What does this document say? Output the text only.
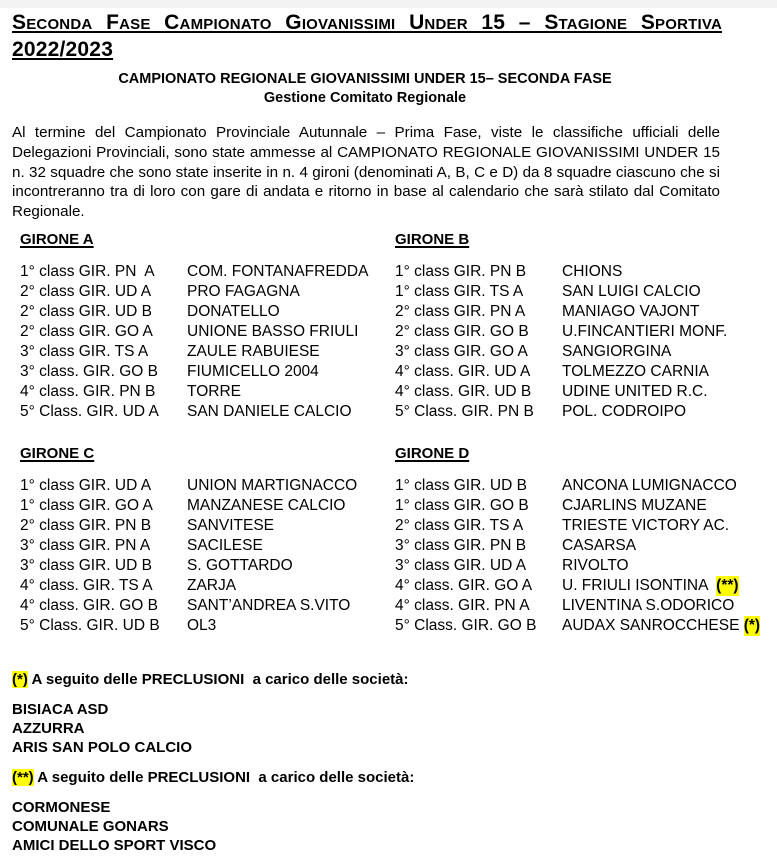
Seconda Fase Campionato Giovanissimi Under 15 – Stagione Sportiva 2022/2023
CAMPIONATO REGIONALE GIOVANISSIMI UNDER 15– SECONDA FASE
Gestione Comitato Regionale
Al termine del Campionato Provinciale Autunnale – Prima Fase, viste le classifiche ufficiali delle Delegazioni Provinciali, sono state ammesse al CAMPIONATO REGIONALE GIOVANISSIMI UNDER 15 n. 32 squadre che sono state inserite in n. 4 gironi (denominati A, B, C e D) da 8 squadre ciascuno che si incontreranno tra di loro con gare di andata e ritorno in base al calendario che sarà stilato dal Comitato Regionale.
GIRONE A
1° class GIR. PN  A	COM. FONTANAFREDDA
2° class GIR. UD A	PRO FAGAGNA
2° class GIR. UD B	DONATELLO
2° class GIR. GO A	UNIONE BASSO FRIULI
3° class GIR. TS A	ZAULE RABUIESE
3° class. GIR. GO B	FIUMICELLO 2004
4° class. GIR. PN B	TORRE
5° Class. GIR. UD A	SAN DANIELE CALCIO
GIRONE B
1° class GIR. PN B	CHIONS
1° class GIR. TS A	SAN LUIGI CALCIO
2° class GIR. PN A	MANIAGO VAJONT
2° class GIR. GO B	U.FINCANTIERI MONF.
3° class GIR. GO A	SANGIORGINA
4° class. GIR. UD A	TOLMEZZO CARNIA
4° class. GIR. UD B	UDINE UNITED R.C.
5° Class. GIR. PN B	POL. CODROIPO
GIRONE C
1° class GIR. UD A	UNION MARTIGNACCO
1° class GIR. GO A	MANZANESE CALCIO
2° class GIR. PN B	SANVITESE
3° class GIR. PN A	SACILESE
3° class GIR. UD B	S. GOTTARDO
4° class. GIR. TS A	ZARJA
4° class. GIR. GO B	SANT’ANDREA S.VITO
5° Class. GIR. UD B	OL3
GIRONE D
1° class GIR. UD B	ANCONA LUMIGNACCO
1° class GIR. GO B	CJARLINS MUZANE
2° class GIR. TS A	TRIESTE VICTORY AC.
3° class GIR. PN B	CASARSA
3° class GIR. UD A	RIVOLTO
4° class. GIR. GO A	U. FRIULI ISONTINA (**)
4° class. GIR. PN A	LIVENTINA S.ODORICO
5° Class. GIR. GO B	AUDAX SANROCCHESE (*)
(*) A seguito delle PRECLUSIONI  a carico delle società:
BISIACA ASD
AZZURRA
ARIS SAN POLO CALCIO
(**) A seguito delle PRECLUSIONI  a carico delle società:
CORMONESE
COMUNALE GONARS
AMICI DELLO SPORT VISCO
